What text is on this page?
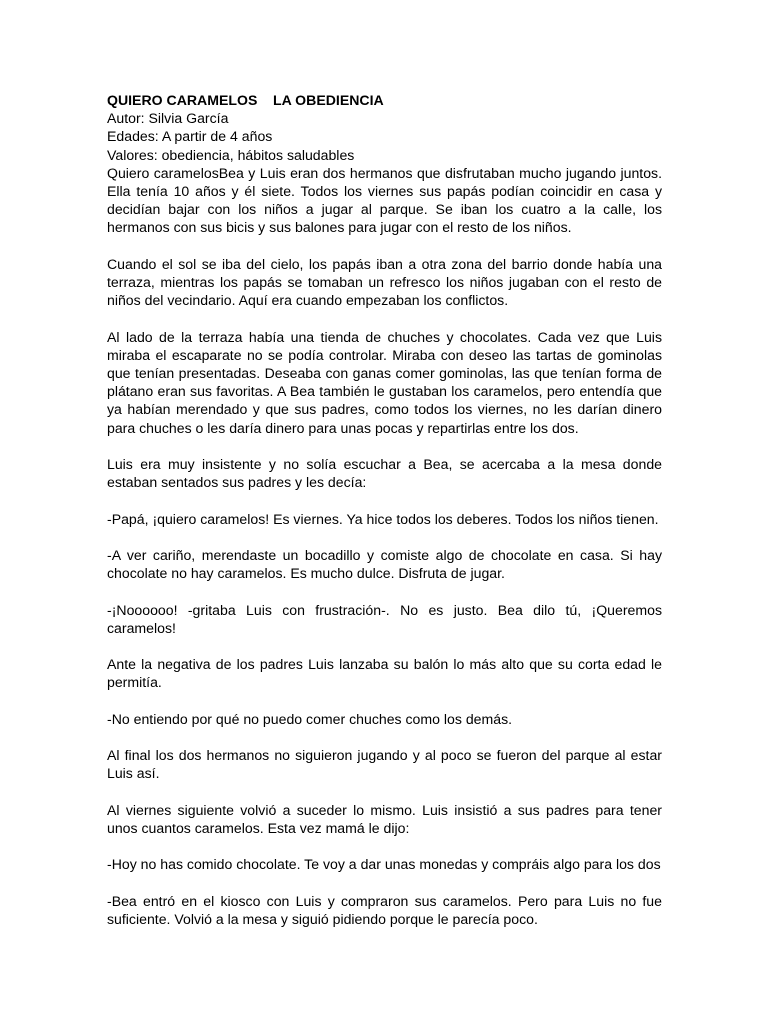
QUIERO CARAMELOS    LA OBEDIENCIA

Autor: Silvia García

Edades: A partir de 4 años

Valores: obediencia, hábitos saludables

Quiero caramelosBea y Luis eran dos hermanos que disfrutaban mucho jugando juntos. Ella tenía 10 años y él siete. Todos los viernes sus papás podían coincidir en casa y decidían bajar con los niños a jugar al parque. Se iban los cuatro a la calle, los hermanos con sus bicis y sus balones para jugar con el resto de los niños.

Cuando el sol se iba del cielo, los papás iban a otra zona del barrio donde había una terraza, mientras los papás se tomaban un refresco los niños jugaban con el resto de niños del vecindario. Aquí era cuando empezaban los conflictos.

Al lado de la terraza había una tienda de chuches y chocolates. Cada vez que Luis miraba el escaparate no se podía controlar. Miraba con deseo las tartas de gominolas que tenían presentadas. Deseaba con ganas comer gominolas, las que tenían forma de plátano eran sus favoritas. A Bea también le gustaban los caramelos, pero entendía que ya habían merendado y que sus padres, como todos los viernes, no les darían dinero para chuches o les daría dinero para unas pocas y repartirlas entre los dos.

Luis era muy insistente y no solía escuchar a Bea, se acercaba a la mesa donde estaban sentados sus padres y les decía:

-Papá, ¡quiero caramelos! Es viernes. Ya hice todos los deberes. Todos los niños tienen.

-A ver cariño, merendaste un bocadillo y comiste algo de chocolate en casa. Si hay chocolate no hay caramelos. Es mucho dulce. Disfruta de jugar.

-¡Noooooo! -gritaba Luis con frustración-. No es justo. Bea dilo tú, ¡Queremos caramelos!

Ante la negativa de los padres Luis lanzaba su balón lo más alto que su corta edad le permitía.

-No entiendo por qué no puedo comer chuches como los demás.

Al final los dos hermanos no siguieron jugando y al poco se fueron del parque al estar Luis así.

Al viernes siguiente volvió a suceder lo mismo. Luis insistió a sus padres para tener unos cuantos caramelos. Esta vez mamá le dijo:

-Hoy no has comido chocolate. Te voy a dar unas monedas y compráis algo para los dos

-Bea entró en el kiosco con Luis y compraron sus caramelos. Pero para Luis no fue suficiente. Volvió a la mesa y siguió pidiendo porque le parecía poco.
